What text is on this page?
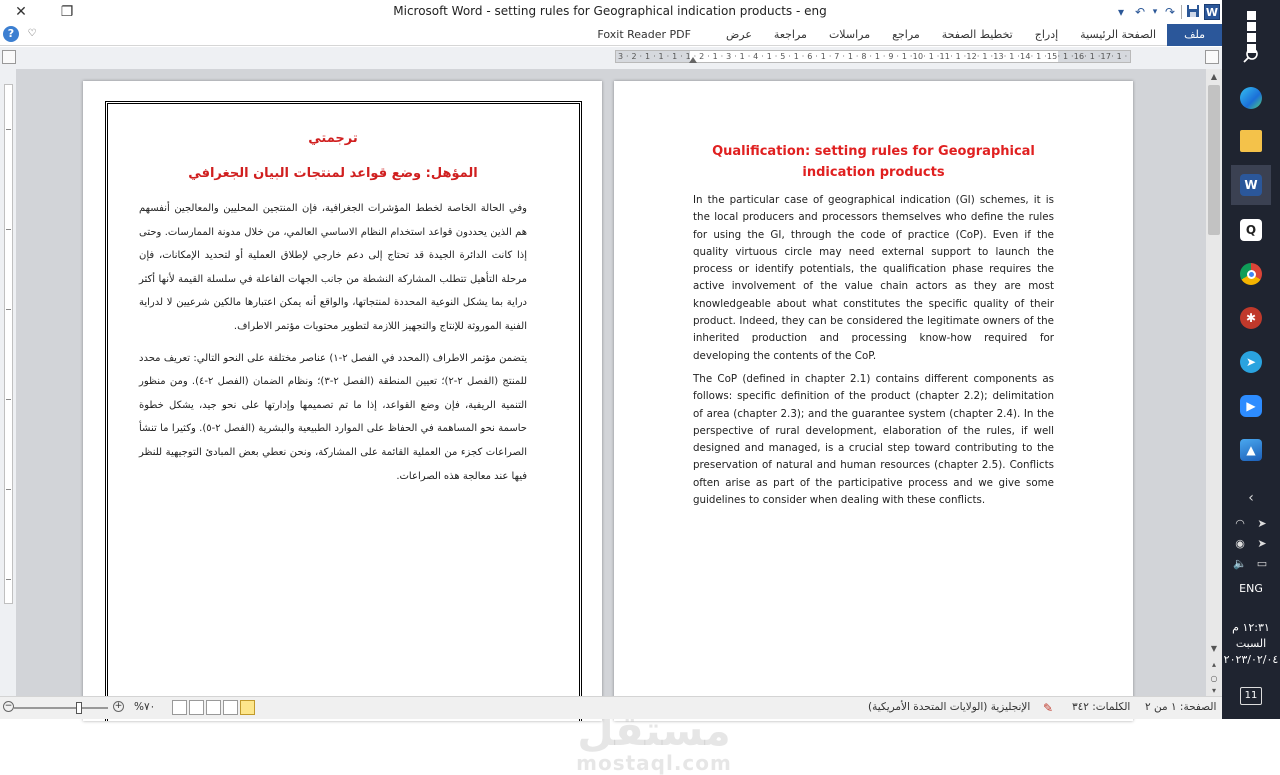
✕	❐	Microsoft Word - setting rules for Geographical indication products - eng	▾ ↶ ▾ ↷	W
?	♡	ملف
الصفحة الرئيسية
إدراج
تخطيط الصفحة
مراجع
مراسلات
مراجعة
عرض
Foxit Reader PDF
3 · 2 · 1 · 1 · 1 · 1 · 2 · 1 · 3 · 1 · 4 · 1 · 5 · 1 · 6 · 1 · 7 · 1 · 8 · 1 · 9 · 1 ·10· 1 ·11· 1 ·12· 1 ·13· 1 ·14· 1 ·15· 1 ·16· 1 ·17· 1 ·
ترجمتي
المؤهل: وضع قواعد لمنتجات البيان الجغرافي

وفي الحالة الخاصة لخطط المؤشرات الجغرافية، فإن المنتجين المحليين والمعالجين أنفسهم هم الذين يحددون قواعد استخدام النظام الاساسي العالمي، من خلال مدونة الممارسات. وحتى إذا كانت الدائرة الجيدة قد تحتاج إلى دعم خارجي لإطلاق العملية أو لتحديد الإمكانات، فإن مرحلة التأهيل تتطلب المشاركة النشطة من جانب الجهات الفاعلة في سلسلة القيمة لأنها أكثر دراية بما يشكل النوعية المحددة لمنتجاتها، والواقع أنه يمكن اعتبارها مالكين شرعيين لا لدراية الفنية الموروثة للإنتاج والتجهيز اللازمة لتطوير محتويات مؤتمر الاطراف.

يتضمن مؤتمر الاطراف (المحدد في الفصل ٢-١) عناصر مختلفة على النحو التالي: تعريف محدد للمنتج (الفصل ٢-٢)؛ تعيين المنطقة (الفصل ٢-٣)؛ ونظام الضمان (الفصل ٢-٤). ومن منظور التنمية الريفية، فإن وضع القواعد، إذا ما تم تصميمها وإدارتها على نحو جيد، يشكل خطوة حاسمة نحو المساهمة في الحفاظ على الموارد الطبيعية والبشرية (الفصل ٢-٥). وكثيرا ما تنشأ الصراعات كجزء من العملية القائمة على المشاركة، ونحن نعطي بعض المبادئ التوجيهية للنظر فيها عند معالجة هذه الصراعات.

Qualification: setting rules for Geographical indication products

In the particular case of geographical indication (GI) schemes, it is the local producers and processors themselves who define the rules for using the GI, through the code of practice (CoP). Even if the quality virtuous circle may need external support to launch the process or identify potentials, the qualification phase requires the active involvement of the value chain actors as they are most knowledgeable about what constitutes the specific quality of their product. Indeed, they can be considered the legitimate owners of the inherited production and processing know-how required for developing the contents of the CoP.

The CoP (defined in chapter 2.1) contains different components as follows: specific definition of the product (chapter 2.2); delimitation of area (chapter 2.3); and the guarantee system (chapter 2.4). In the perspective of rural development, elaboration of the rules, if well designed and managed, is a crucial step toward contributing to the preservation of natural and human resources (chapter 2.5). Conflicts often arise as part of the participative process and we give some guidelines to consider when dealing with these conflicts.

مستقل
mostaql.com
▲
▼
▴
○
▾
−	+ %٧٠	الإنجليزية (الولايات المتحدة الأمريكية) ✎ الكلمات: ٣٤٢ الصفحة: ١ من ٢
W
Q
✱
➤
▶
▲
‹
◠	➤
◉	➤
🔈 ▭
ENG
١٢:٣١ م
السبت
٢٠٢٣/٠٢/٠٤
11
